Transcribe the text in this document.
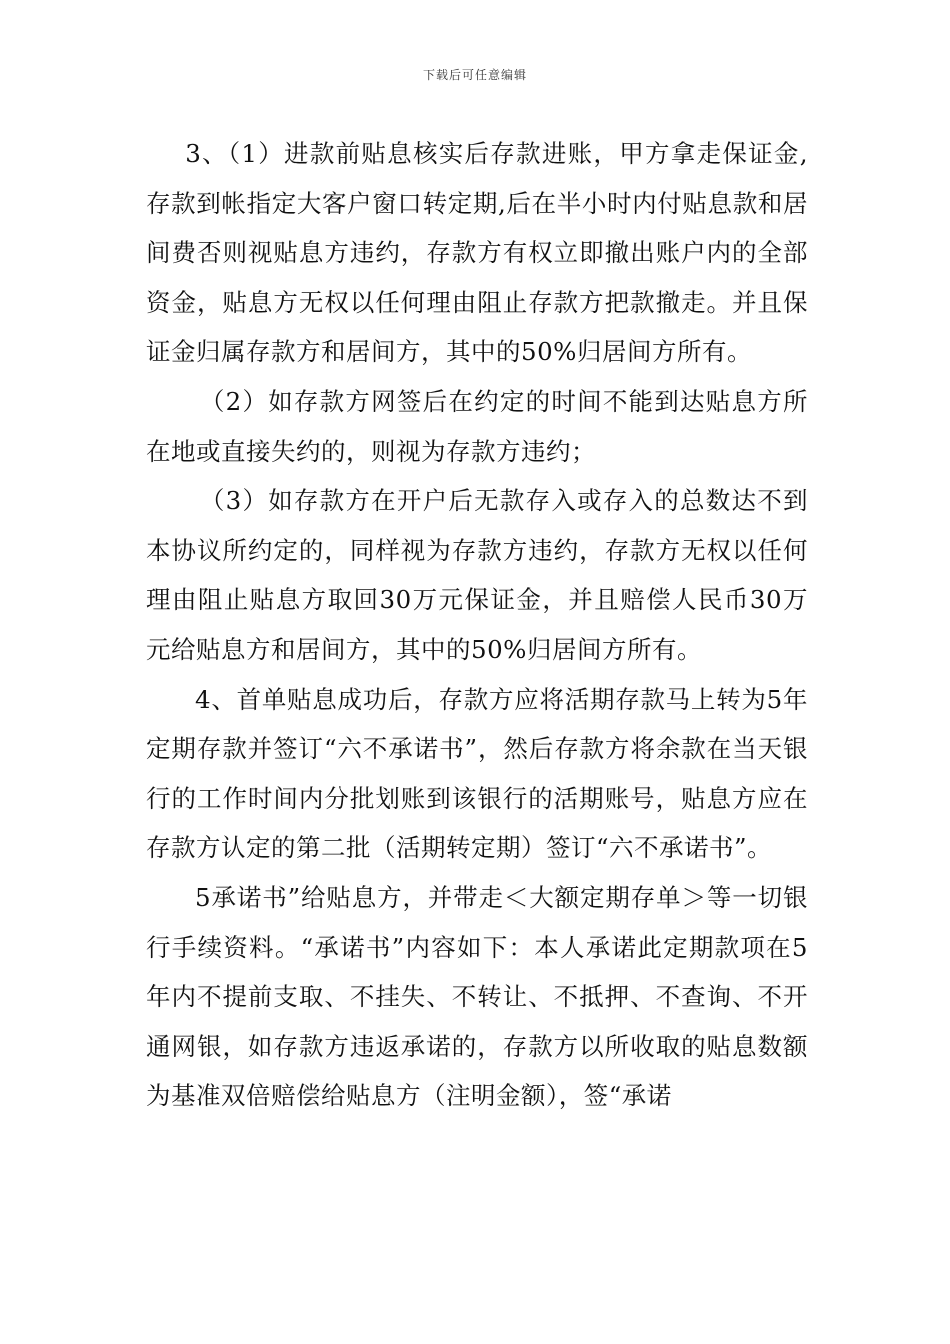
下载后可任意编辑

3、（1）进款前贴息核实后存款进账，甲方拿走保证金,存款到帐指定大客户窗口转定期,后在半小时内付贴息款和居间费否则视贴息方违约，存款方有权立即撤出账户内的全部资金，贴息方无权以任何理由阻止存款方把款撤走。并且保证金归属存款方和居间方，其中的50%归居间方所有。

（2）如存款方网签后在约定的时间不能到达贴息方所在地或直接失约的，则视为存款方违约；

（3）如存款方在开户后无款存入或存入的总数达不到本协议所约定的，同样视为存款方违约，存款方无权以任何理由阻止贴息方取回30万元保证金，并且赔偿人民币30万元给贴息方和居间方，其中的50%归居间方所有。

4、首单贴息成功后，存款方应将活期存款马上转为5年定期存款并签订“六不承诺书”，然后存款方将余款在当天银行的工作时间内分批划账到该银行的活期账号，贴息方应在存款方认定的第二批（活期转定期）签订“六不承诺书”。

5承诺书”给贴息方，并带走＜大额定期存单＞等一切银行手续资料。“承诺书”内容如下：本人承诺此定期款项在5年内不提前支取、不挂失、不转让、不抵押、不查询、不开通网银，如存款方违返承诺的，存款方以所收取的贴息数额为基准双倍赔偿给贴息方（注明金额），签“承诺
